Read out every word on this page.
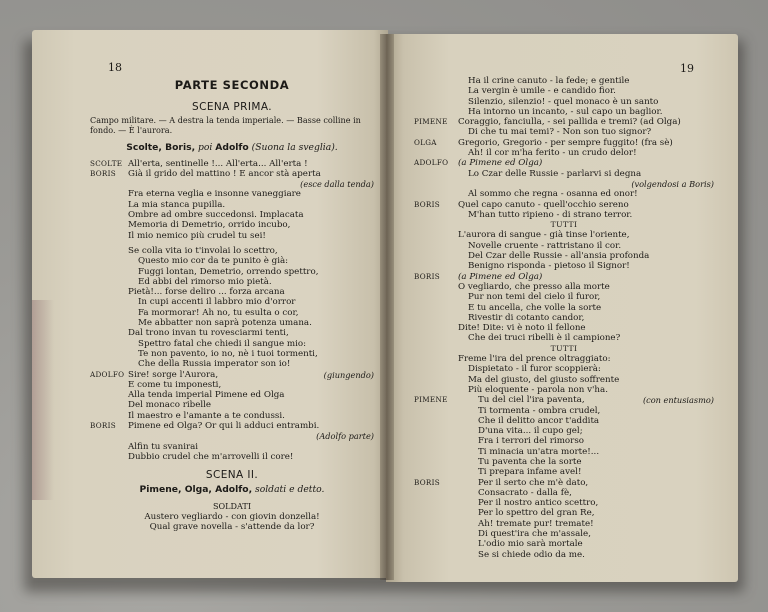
18
PARTE SECONDA
SCENA PRIMA.
Campo militare. — A destra la tenda imperiale. — Basse colline in
fondo. — È l'aurora.
Scolte, Boris, poi Adolfo (Suona la sveglia).
SCOLTE All'erta, sentinelle !... All'erta... All'erta !
BORIS Già il grido del mattino ! E ancor stà aperta
(esce dalla tenda)
Fra eterna veglia e insonne vaneggiare
La mia stanca pupilla.
Ombre ad ombre succedonsi. Implacata
Memoria di Demetrio, orrido incubo,
Il mio nemico più crudel tu sei!
Se colla vita io t'involai lo scettro,
Questo mio cor da te punito è già:
Fuggi lontan, Demetrio, orrendo spettro,
Ed abbi del rimorso mio pietà.
Pietà!... forse deliro ... forza arcana
In cupi accenti il labbro mio d'orror
Fa mormorar! Ah no, tu esulta o cor,
Me abbatter non saprà potenza umana.
Dal trono invan tu rovesciarmi tenti,
Spettro fatal che chiedi il sangue mio:
Te non pavento, io no, nè i tuoi tormenti,
Che della Russia imperator son io!
ADOLFO Sire! sorge l'Aurora,	(giungendo)
E come tu imponesti,
Alla tenda imperial Pimene ed Olga
Del monaco ribelle
Il maestro e l'amante a te condussi.
BORIS Pimene ed Olga? Or qui li adduci entrambi.
(Adolfo parte)
Alfin tu svanirai
Dubbio crudel che m'arrovelli il core!
SCENA II.
Pimene, Olga, Adolfo, soldati e detto.
SOLDATI
Austero vegliardo - con giovin donzella!
Qual grave novella - s'attende da lor?
19
Ha il crine canuto - la fede; e gentile
La vergin è umile - e candido fior.
Silenzio, silenzio! - quel monaco è un santo
Ha intorno un incanto, - sul capo un baglior.
PIMENE Coraggio, fanciulla, - sei pallida e tremi? (ad Olga)
Di che tu mai temi? - Non son tuo signor?
OLGA Gregorio, Gregorio - per sempre fuggito! (fra sè)
Ah! il cor m'ha ferito - un crudo delor!
ADOLFO (a Pimene ed Olga)
Lo Czar delle Russie - parlarvi si degna
(volgendosi a Boris)
Al sommo che regna - osanna ed onor!
BORIS Quel capo canuto - quell'occhio sereno
M'han tutto ripieno - di strano terror.
TUTTI
L'aurora di sangue - già tinse l'oriente,
Novelle cruente - rattristano il cor.
Del Czar delle Russie - all'ansia profonda
Benigno risponda - pietoso il Signor!
BORIS (a Pimene ed Olga)
O vegliardo, che presso alla morte
Pur non temi del cielo il furor,
E tu ancella, che volle la sorte
Rivestir di cotanto candor,
Dite! Dite: vi è noto il fellone
Che dei truci ribelli è il campione?
TUTTI
Freme l'ira del prence oltraggiato:
Dispietato - il furor scoppierà:
Ma del giusto, del giusto soffrente
Più eloquente - parola non v'ha.
PIMENE	Tu del ciel l'ira paventa,	(con entusiasmo)
Ti tormenta - ombra crudel,
Che il delitto ancor t'addita
D'una vita... il cupo gel;
Fra i terrori del rimorso
Ti minacia un'atra morte!...
Tu paventa che la sorte
Ti prepara infame avel!
BORIS	Per il serto che m'è dato,
Consacrato - dalla fè,
Per il nostro antico scettro,
Per lo spettro del gran Re,
Ah! tremate pur! tremate!
Di quest'ira che m'assale,
L'odio mio sarà mortale
Se si chiede odio da me.
